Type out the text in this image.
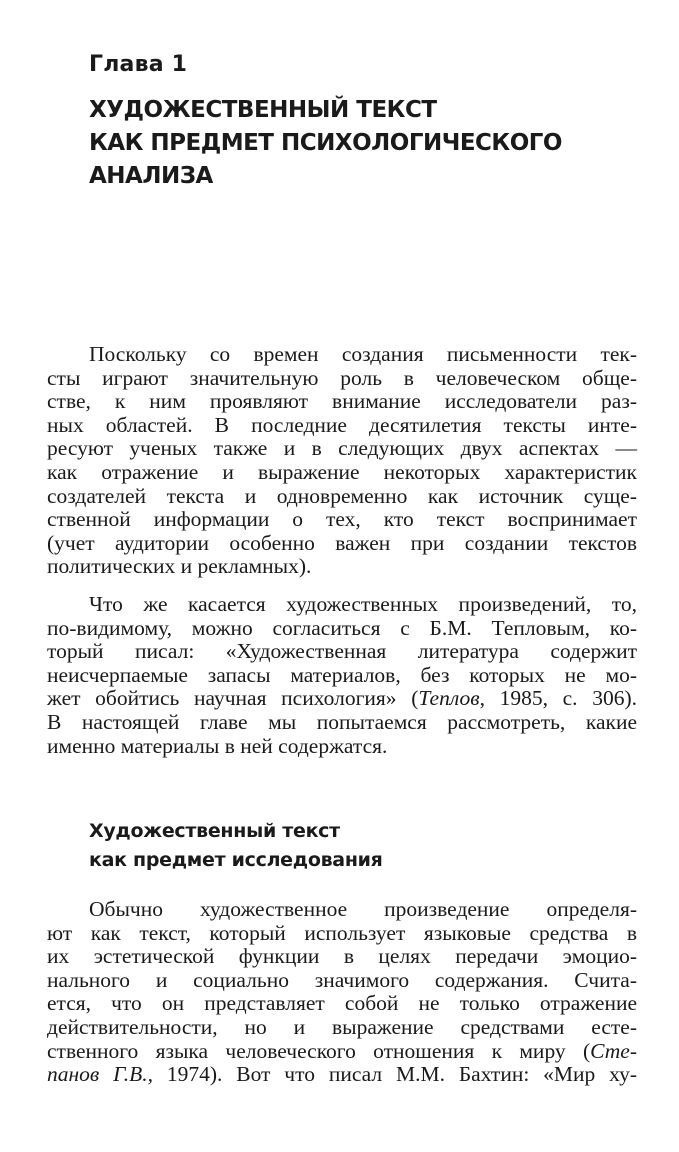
Глава 1
ХУДОЖЕСТВЕННЫЙ ТЕКСТ
КАК ПРЕДМЕТ ПСИХОЛОГИЧЕСКОГО
АНАЛИЗА
Поскольку со времен создания письменности тек-
сты играют значительную роль в человеческом обще-
стве, к ним проявляют внимание исследователи раз-
ных областей. В последние десятилетия тексты инте-
ресуют ученых также и в следующих двух аспектах —
как отражение и выражение некоторых характеристик
создателей текста и одновременно как источник суще-
ственной информации о тех, кто текст воспринимает
(учет аудитории особенно важен при создании текстов
политических и рекламных).
Что же касается художественных произведений, то,
по-видимому, можно согласиться с Б.М. Тепловым, ко-
торый писал: «Художественная литература содержит
неисчерпаемые запасы материалов, без которых не мо-
жет обойтись научная психология» (Теплов, 1985, с. 306).
В настоящей главе мы попытаемся рассмотреть, какие
именно материалы в ней содержатся.
Художественный текст
как предмет исследования
Обычно художественное произведение определя-
ют как текст, который использует языковые средства в
их эстетической функции в целях передачи эмоцио-
нального и социально значимого содержания. Счита-
ется, что он представляет собой не только отражение
действительности, но и выражение средствами есте-
ственного языка человеческого отношения к миру (Сте-
панов Г.В., 1974). Вот что писал М.М. Бахтин: «Мир ху-
